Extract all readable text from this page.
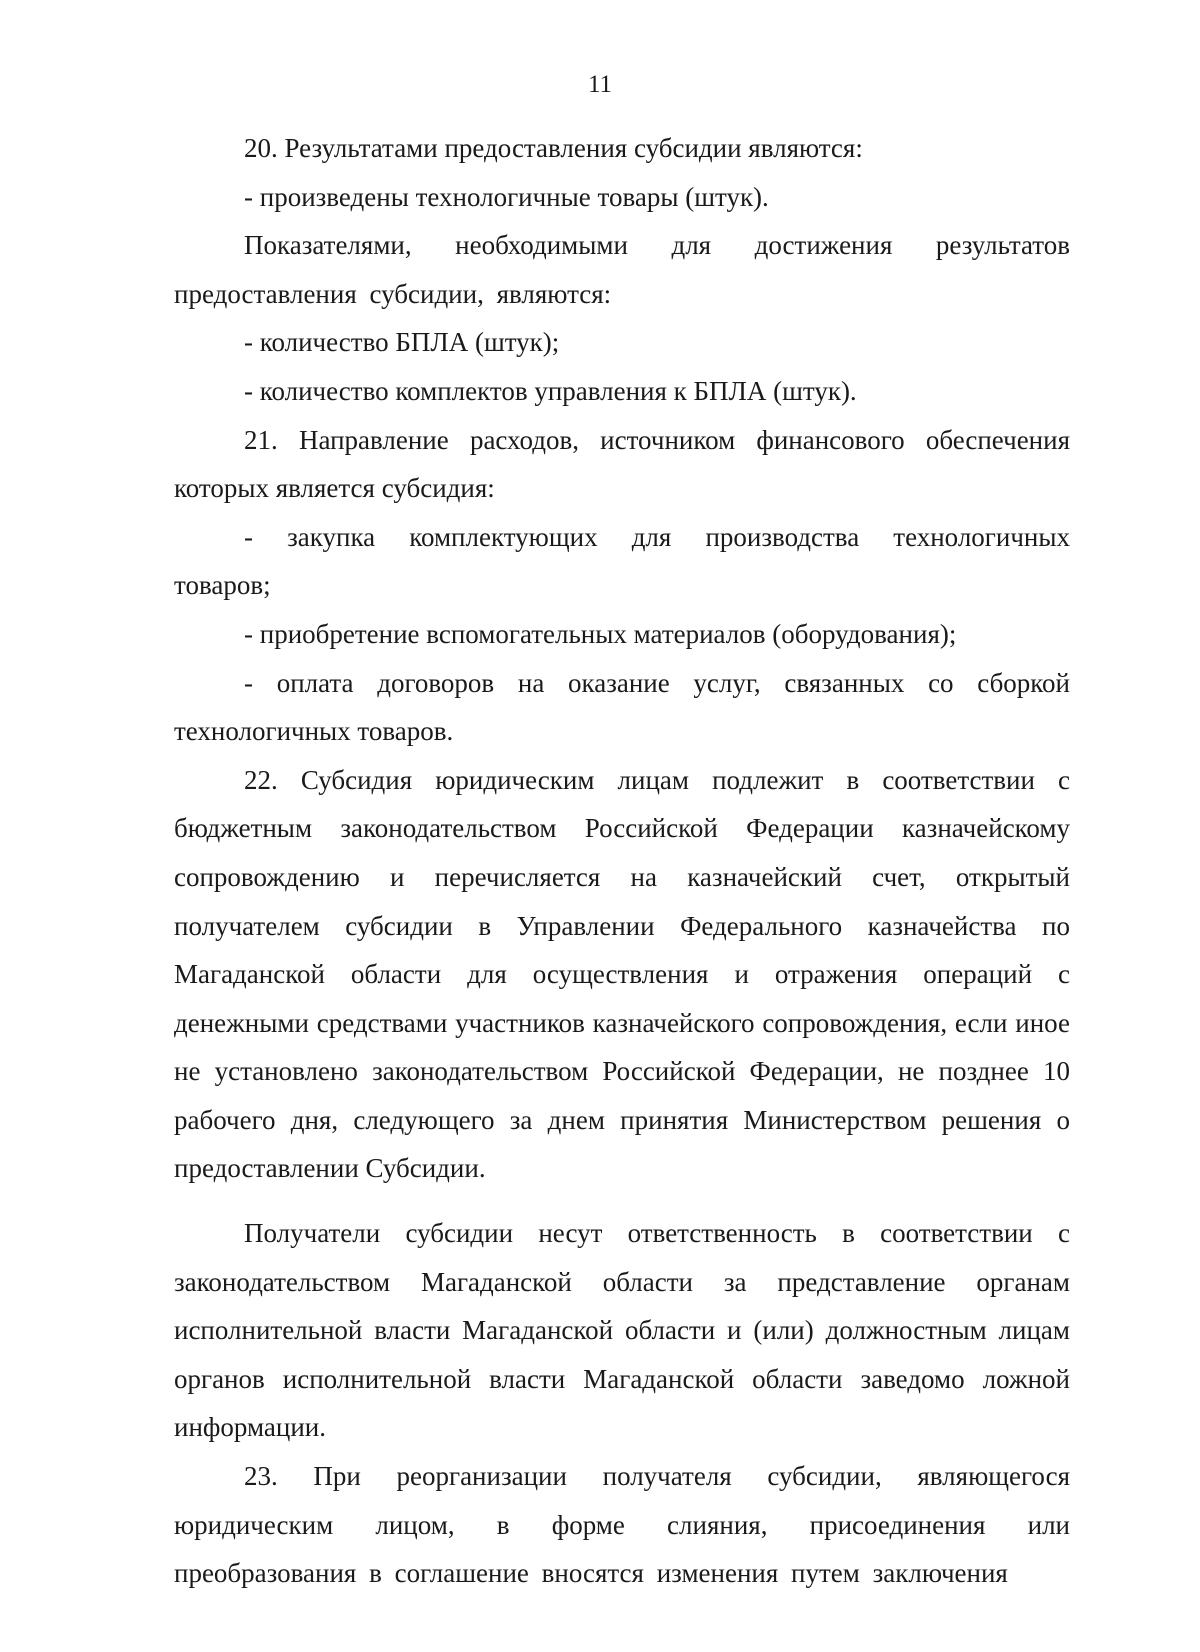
11

20. Результатами предоставления субсидии являются:

- произведены технологичные товары (штук).

Показателями, необходимыми для достижения результатов предоставления субсидии, являются:

- количество БПЛА (штук);

- количество комплектов управления к БПЛА (штук).

21. Направление расходов, источником финансового обеспечения которых является субсидия:

- закупка комплектующих для производства технологичных товаров;

- приобретение вспомогательных материалов (оборудования);

- оплата договоров на оказание услуг, связанных со сборкой технологичных товаров.

22. Субсидия юридическим лицам подлежит в соответствии с бюджетным законодательством Российской Федерации казначейскому сопровождению и перечисляется на казначейский счет, открытый получателем субсидии в Управлении Федерального казначейства по Магаданской области для осуществления и отражения операций с денежными средствами участников казначейского сопровождения, если иное не установлено законодательством Российской Федерации, не позднее 10 рабочего дня, следующего за днем принятия Министерством решения о предоставлении Субсидии.

Получатели субсидии несут ответственность в соответствии с законодательством Магаданской области за представление органам исполнительной власти Магаданской области и (или) должностным лицам органов исполнительной власти Магаданской области заведомо ложной информации.

23. При реорганизации получателя субсидии, являющегося юридическим лицом, в форме слияния, присоединения или преобразования в соглашение вносятся изменения путем заключения
